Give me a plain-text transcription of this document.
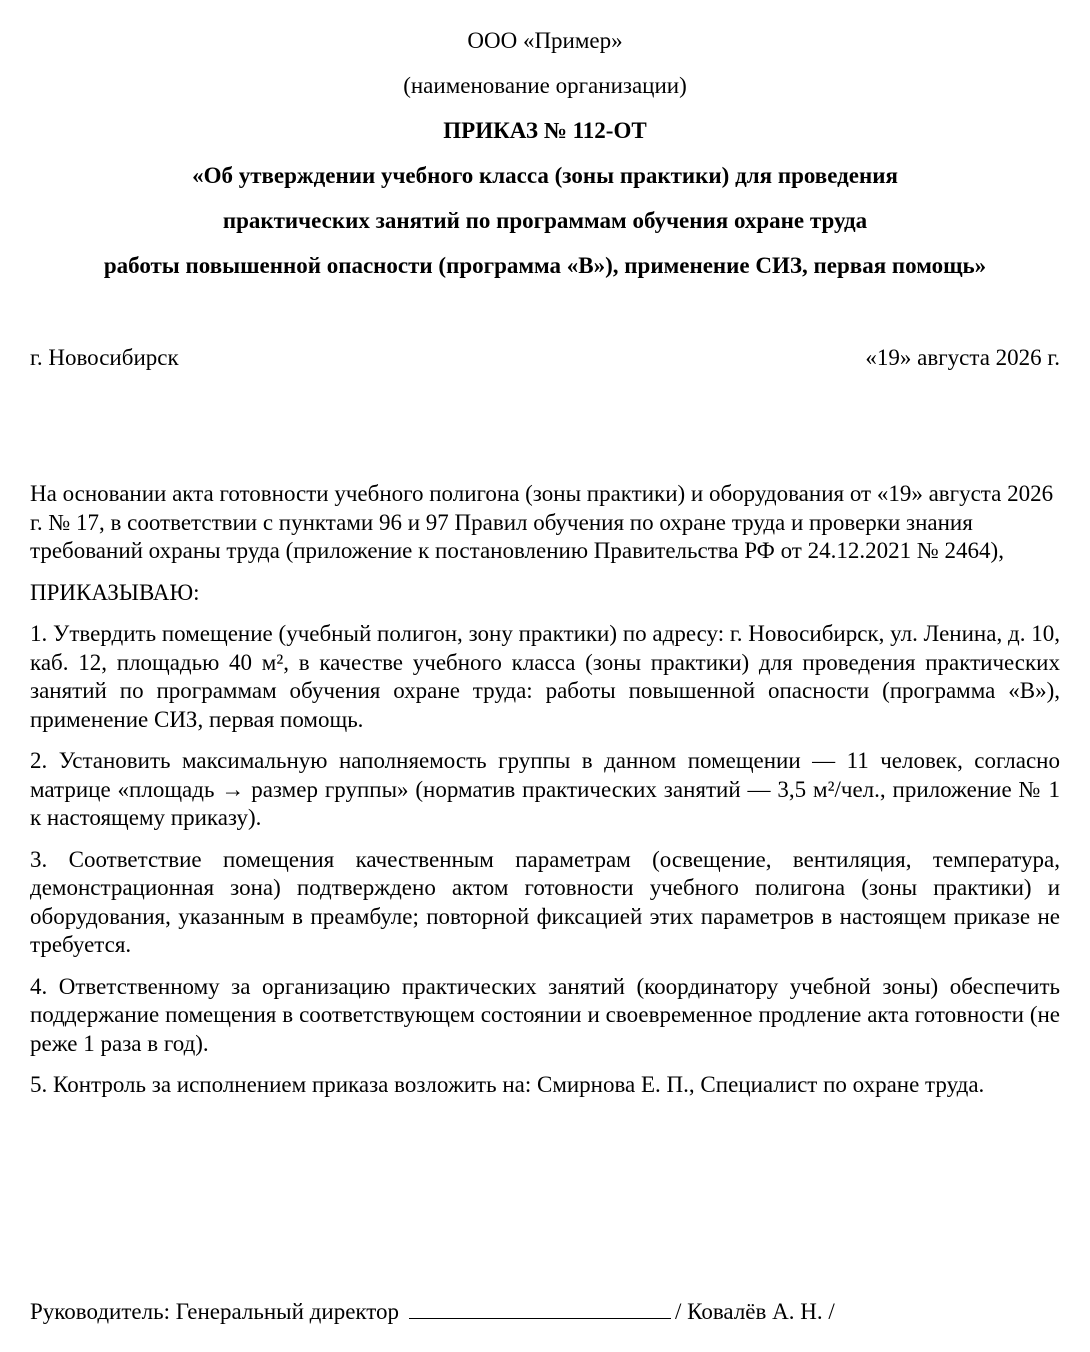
ООО «Пример»
(наименование организации)
ПРИКАЗ № 112-ОТ
«Об утверждении учебного класса (зоны практики) для проведения
практических занятий по программам обучения охране труда
работы повышенной опасности (программа «В»), применение СИЗ, первая помощь»
г. Новосибирск	«19» августа 2026 г.

На основании акта готовности учебного полигона (зоны практики) и оборудования от «19» августа 2026 г. № 17, в соответствии с пунктами 96 и 97 Правил обучения по охране труда и проверки знания требований охраны труда (приложение к постановлению Правительства РФ от 24.12.2021 № 2464),

ПРИКАЗЫВАЮ:

1. Утвердить помещение (учебный полигон, зону практики) по адресу: г. Новосибирск, ул. Ленина, д. 10, каб. 12, площадью 40 м², в качестве учебного класса (зоны практики) для проведения практических занятий по программам обучения охране труда: работы повышенной опасности (программа «В»), применение СИЗ, первая помощь.

2. Установить максимальную наполняемость группы в данном помещении — 11 человек, согласно матрице «площадь → размер группы» (норматив практических занятий — 3,5 м²/чел., приложение № 1 к настоящему приказу).

3. Соответствие помещения качественным параметрам (освещение, вентиляция, температура, демонстрационная зона) подтверждено актом готовности учебного полигона (зоны практики) и оборудования, указанным в преамбуле; повторной фиксацией этих параметров в настоящем приказе не требуется.

4. Ответственному за организацию практических занятий (координатору учебной зоны) обеспечить поддержание помещения в соответствующем состоянии и своевременное продление акта готовности (не реже 1 раза в год).

5. Контроль за исполнением приказа возложить на: Смирнова Е. П., Специалист по охране труда.

Руководитель: Генеральный директор	/ Ковалёв А. Н. /
